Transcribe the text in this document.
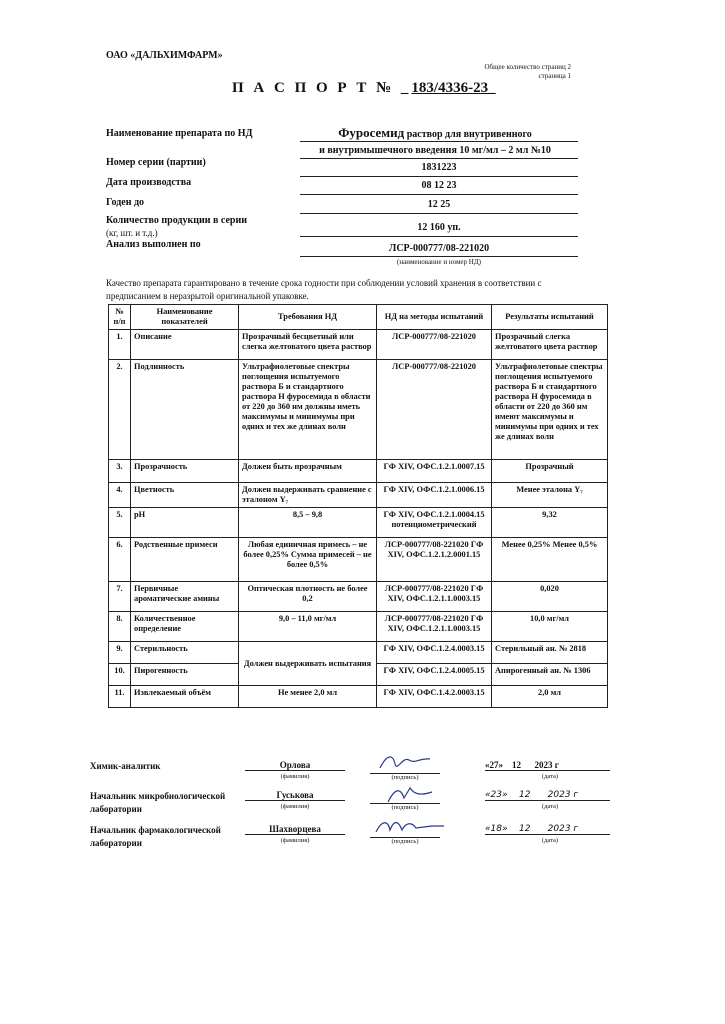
ОАО «ДАЛЬХИМФАРМ»
Общее количество страниц 2
страница 1
П А С П О Р Т № _183/4336-23_
Наименование препарата по НД	Фуросемид раствор для внутривенного
и внутримышечного введения 10 мг/мл – 2 мл №10
Номер серии (партии)	1831223
Дата производства	08 12 23
Годен до	12 25
Количество продукции в серии
(кг, шт. и т.д.)	12 160 уп.
Анализ выполнен по	ЛСР-000777/08-221020
(наименование и номер НД)
Качество препарата гарантировано в течение срока годности при соблюдении условий хранения в соответствии с предписанием в неразрытой оригинальной упаковке.
№ п/п	Наименование показателей	Требования НД	НД на методы испытаний	Результаты испытаний
1.	Описание	Прозрачный бесцветный или слегка желтоватого цвета раствор	ЛСР-000777/08-221020	Прозрачный слегка желтоватого цвета раствор
2.	Подлинность	Ультрафиолетовые спектры поглощения испытуемого раствора Б и стандартного раствора Н фуросемида в области от 220 до 360 нм должны иметь максимумы и минимумы при одних и тех же длинах волн	ЛСР-000777/08-221020	Ультрафиолетовые спектры поглощения испытуемого раствора Б и стандартного раствора Н фуросемида в области от 220 до 360 нм имеют максимумы и минимумы при одних и тех же длинах волн
3.	Прозрачность	Должен быть прозрачным	ГФ XIV, ОФС.1.2.1.0007.15	Прозрачный
4.	Цветность	Должен выдерживать сравнение с эталоном Y₇	ГФ XIV, ОФС.1.2.1.0006.15	Менее эталона Y₇
5.	pH	8,5 – 9,8	ГФ XIV, ОФС.1.2.1.0004.15 потенциометрический	9,32
6.	Родственные примеси	Любая единичная примесь – не более 0,25% Сумма примесей – не более 0,5%	ЛСР-000777/08-221020 ГФ XIV, ОФС.1.2.1.2.0001.15	Менее 0,25% Менее 0,5%
7.	Первичные ароматические амины	Оптическая плотность не более 0,2	ЛСР-000777/08-221020 ГФ XIV, ОФС.1.2.1.1.0003.15	0,020
8.	Количественное определение	9,0 – 11,0 мг/мл	ЛСР-000777/08-221020 ГФ XIV, ОФС.1.2.1.1.0003.15	10,0 мг/мл
9.	Стерильность	Должен выдерживать испытания	ГФ XIV, ОФС.1.2.4.0003.15	Стерильный ан. № 2818
10.	Пирогенность		ГФ XIV, ОФС.1.2.4.0005.15	Апирогенный ан. № 1306
11.	Извлекаемый объём	Не менее 2,0 мл	ГФ XIV, ОФС.1.4.2.0003.15	2,0 мл
Химик-аналитик	Орлова
(фамилия)	(подпись)
«27» 12 2023 г
(дата)
Начальник микробиологической лаборатории
Гуськова
(фамилия)	(подпись)
«23» 12 2023 г
(дата)
Начальник фармакологической лаборатории
Шахворцева
(фамилия)	(подпись)
«18» 12 2023 г
(дата)
